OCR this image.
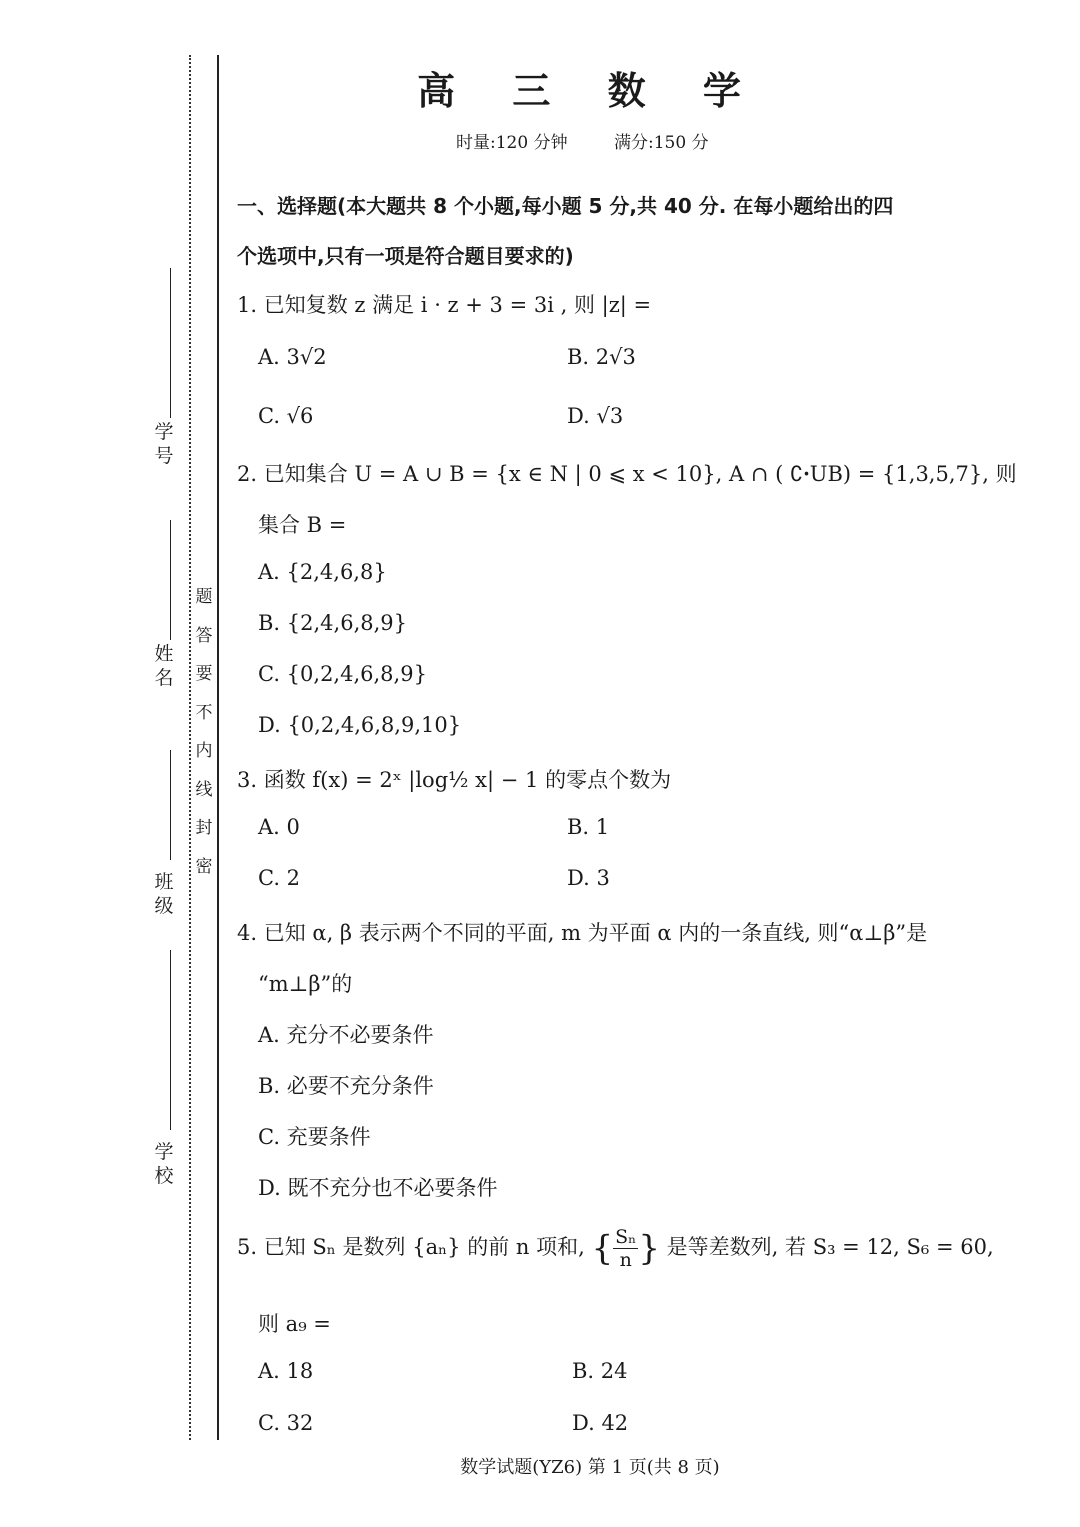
学 号
姓 名
班 级
学 校
题
答
要
不
内
线
封
密
高 三 数 学
时量:120 分钟	满分:150 分
一、选择题(本大题共 8 个小题,每小题 5 分,共 40 分. 在每小题给出的四
个选项中,只有一项是符合题目要求的)
1. 已知复数 z 满足 i · z + 3 = 3i , 则 |z| =
A. 3√2	B. 2√3
C. √6	D. √3
2. 已知集合 U = A ∪ B = {x ∈ N | 0 ⩽ x < 10}, A ∩ ( ∁ꞏUB) = {1,3,5,7}, 则
集合 B =
A. {2,4,6,8}
B. {2,4,6,8,9}
C. {0,2,4,6,8,9}
D. {0,2,4,6,8,9,10}
3. 函数 f(x) = 2ˣ |log½ x| − 1 的零点个数为
A. 0	B. 1
C. 2	D. 3
4. 已知 α, β 表示两个不同的平面, m 为平面 α 内的一条直线, 则“α⊥β”是
“m⊥β”的
A. 充分不必要条件
B. 必要不充分条件
C. 充要条件
D. 既不充分也不必要条件
5. 已知 Sₙ 是数列 {aₙ} 的前 n 项和, { $\frac{\text{Sₙ}}{n}$ } 是等差数列, 若 S₃ = 12, S₆ = 60,
则 a₉ =
A. 18	B. 24
C. 32	D. 42
数学试题(YZ6) 第 1 页(共 8 页)
